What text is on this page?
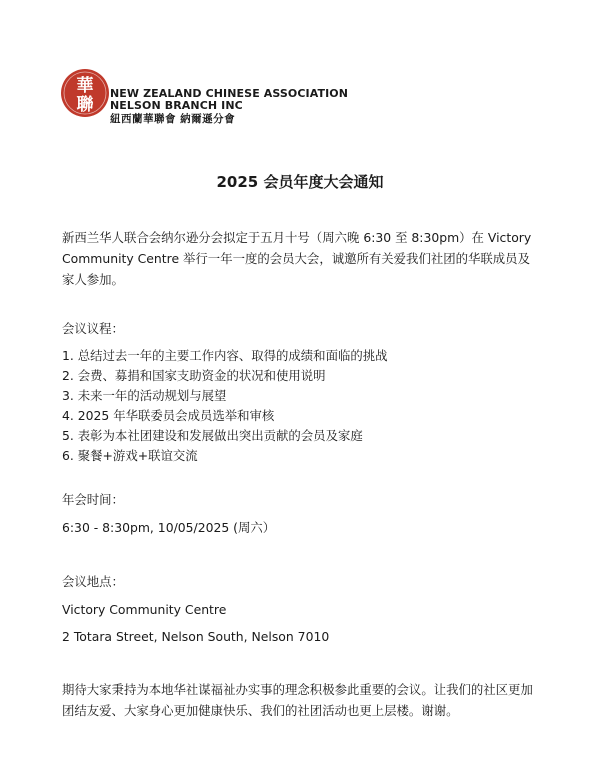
華
聯
NEW ZEALAND CHINESE ASSOCIATION
NELSON BRANCH INC
紐西蘭華聯會 納爾遜分會
2025 会员年度大会通知
新西兰华人联合会纳尔逊分会拟定于五月十号（周六晚 6:30 至 8:30pm）在 Victory Community Centre 举行一年一度的会员大会，诚邀所有关爱我们社团的华联成员及家人参加。
会议议程：
1. 总结过去一年的主要工作内容、取得的成绩和面临的挑战
2. 会费、募捐和国家支助资金的状况和使用说明
3. 未来一年的活动规划与展望
4. 2025 年华联委员会成员选举和审核
5. 表彰为本社团建设和发展做出突出贡献的会员及家庭
6. 聚餐+游戏+联谊交流
年会时间：
6:30 - 8:30pm, 10/05/2025 (周六）
会议地点：
Victory Community Centre
2 Totara Street, Nelson South, Nelson 7010
期待大家秉持为本地华社谋福祉办实事的理念积极参此重要的会议。让我们的社区更加团结友爱、大家身心更加健康快乐、我们的社团活动也更上层楼。谢谢。
